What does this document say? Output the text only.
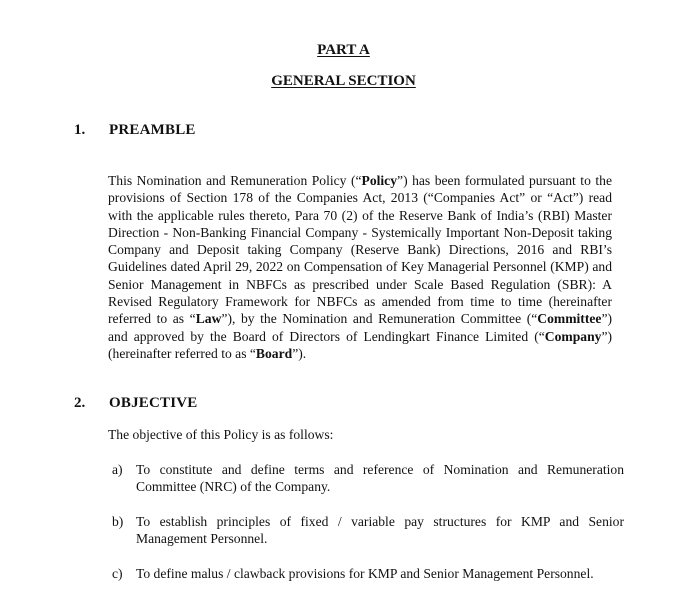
PART A
GENERAL SECTION
1. PREAMBLE
This Nomination and Remuneration Policy (“Policy”) has been formulated pursuant to the provisions of Section 178 of the Companies Act, 2013 (“Companies Act” or “Act”) read with the applicable rules thereto, Para 70 (2) of the Reserve Bank of India’s (RBI) Master Direction - Non-Banking Financial Company - Systemically Important Non-Deposit taking Company and Deposit taking Company (Reserve Bank) Directions, 2016 and RBI’s Guidelines dated April 29, 2022 on Compensation of Key Managerial Personnel (KMP) and Senior Management in NBFCs as prescribed under Scale Based Regulation (SBR): A Revised Regulatory Framework for NBFCs as amended from time to time (hereinafter referred to as “Law”), by the Nomination and Remuneration Committee (“Committee”) and approved by the Board of Directors of Lendingkart Finance Limited (“Company”)(hereinafter referred to as “Board”).
2. OBJECTIVE
The objective of this Policy is as follows:
a) To constitute and define terms and reference of Nomination and Remuneration Committee (NRC) of the Company.
b) To establish principles of fixed / variable pay structures for KMP and Senior Management Personnel.
c) To define malus / clawback provisions for KMP and Senior Management Personnel.
